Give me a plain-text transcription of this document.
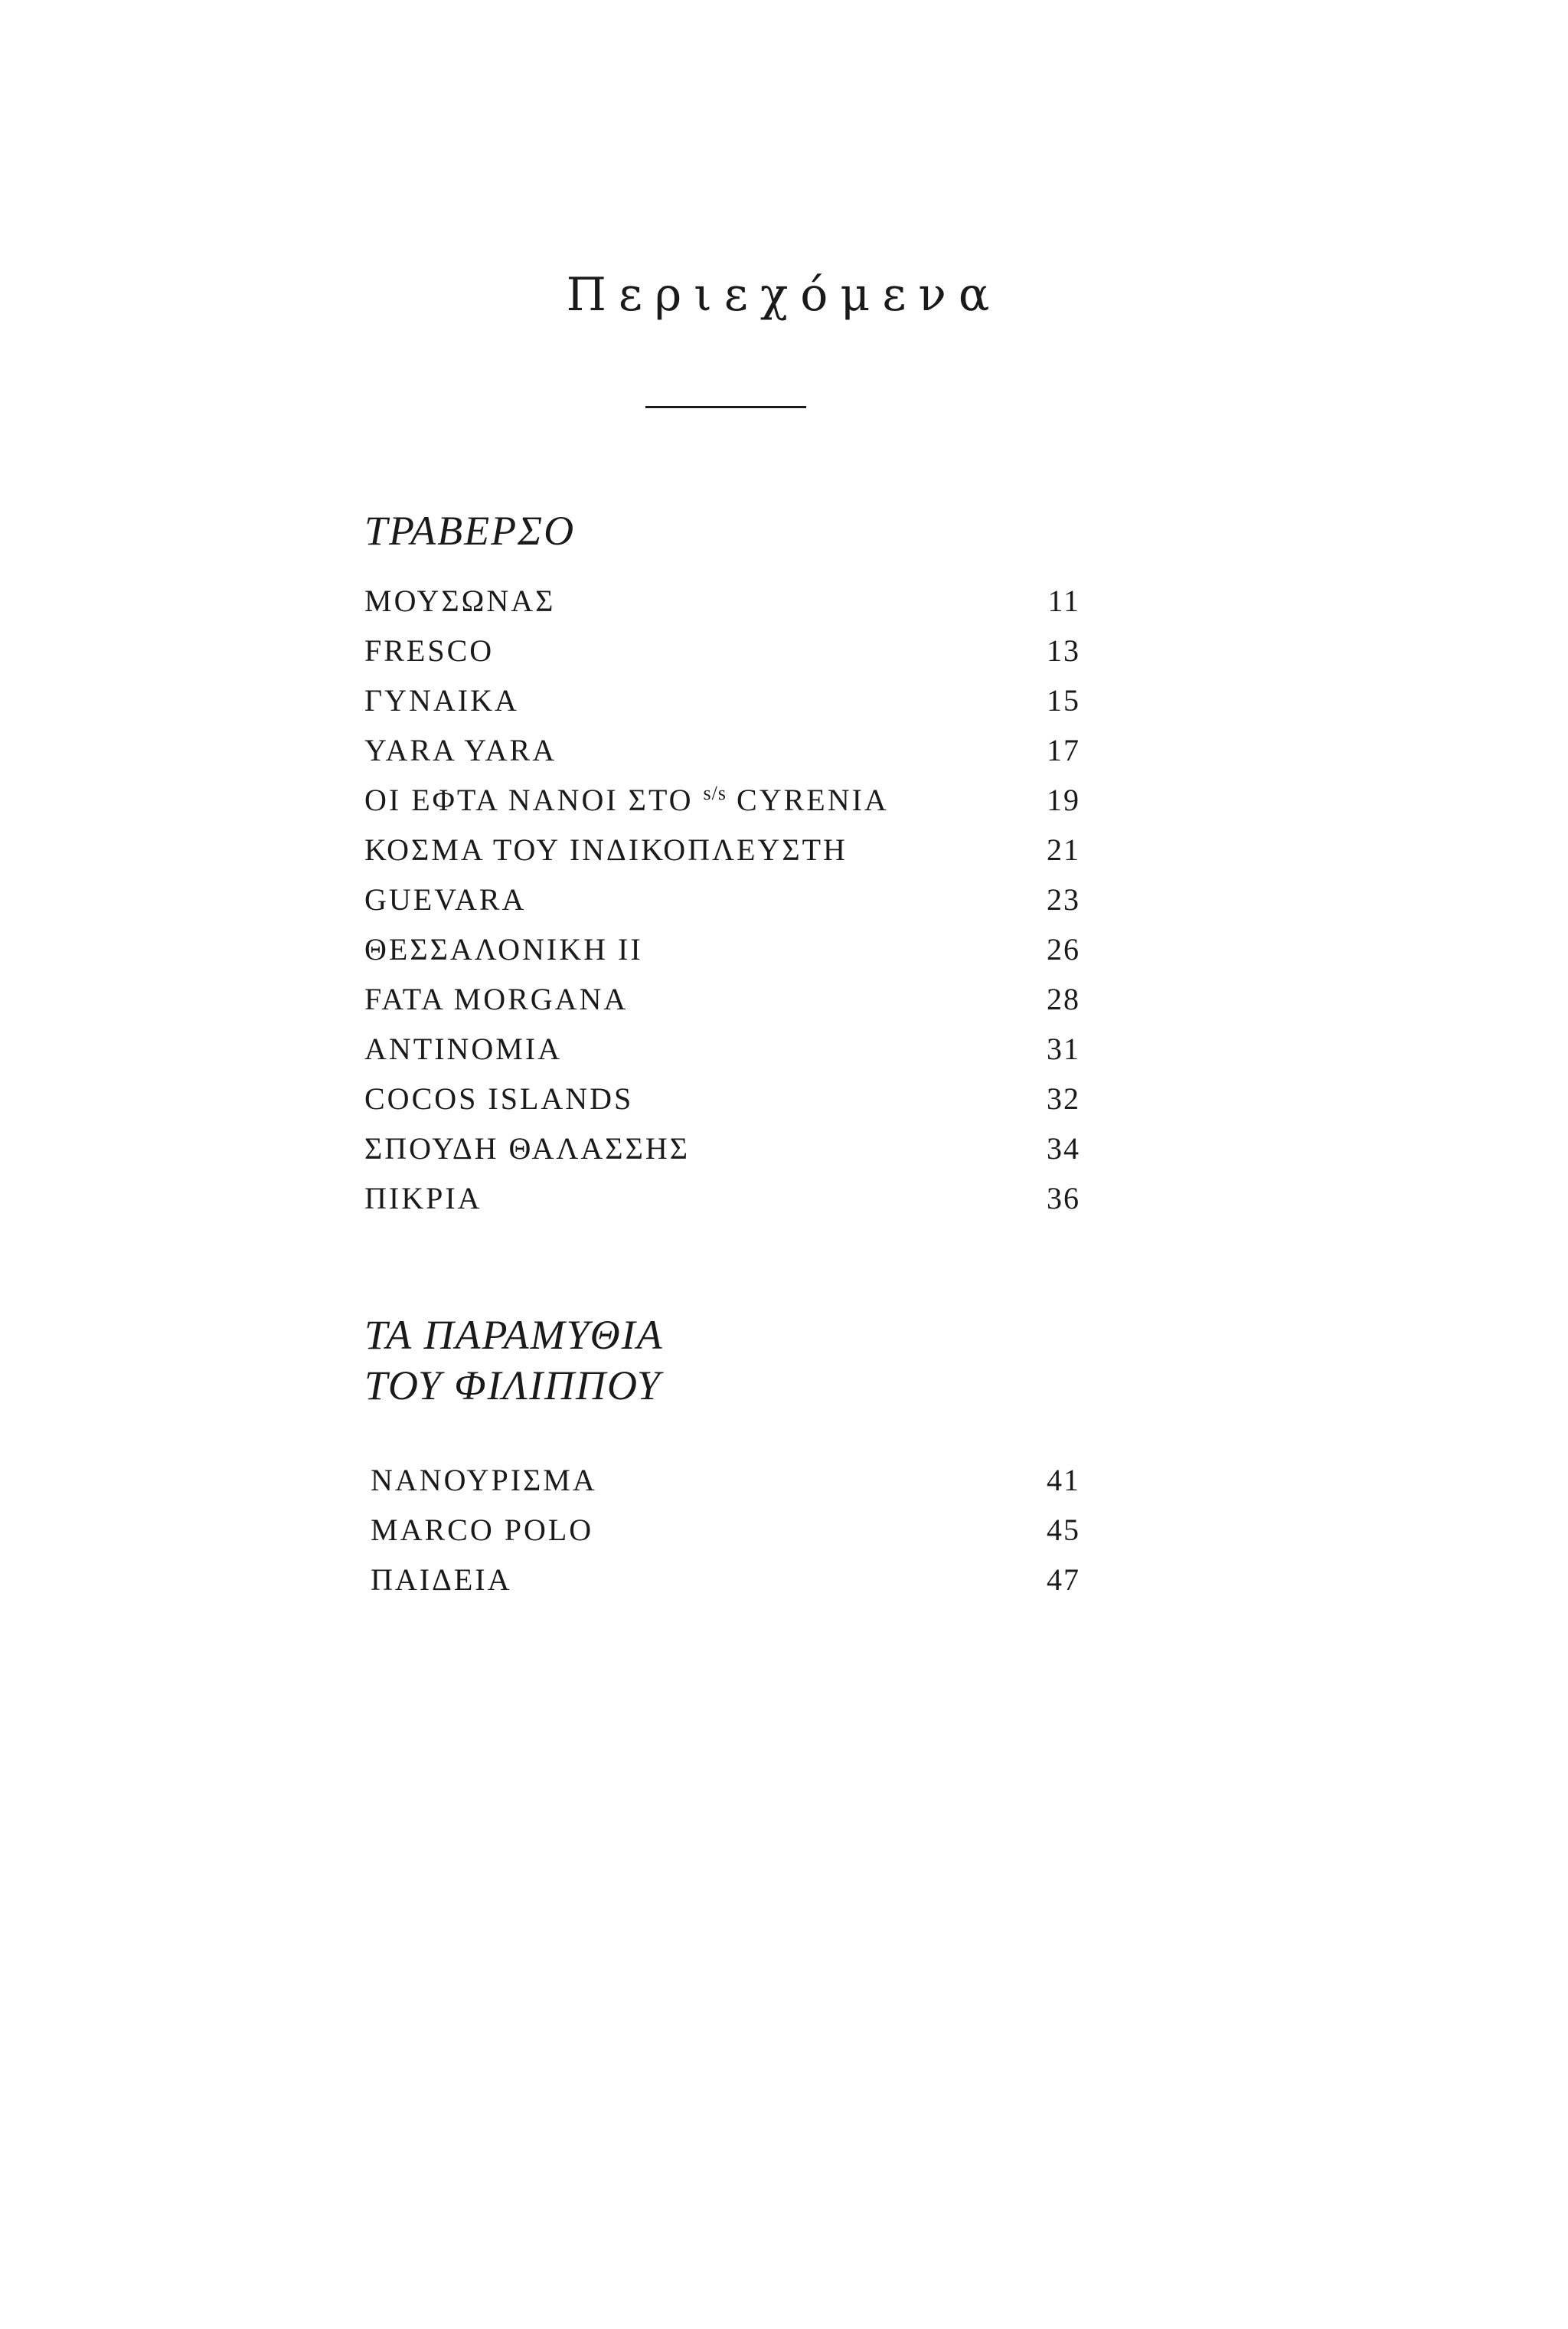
Περιεχόμενα
ΤΡΑΒΕΡΣΟ
ΜΟΥΣΩΝΑΣ	11
FRESCO	13
ΓΥΝΑΙΚΑ	15
YARA YARA	17
ΟΙ ΕΦΤΑ ΝΑΝΟΙ ΣΤΟ $^{s/s}$ CYRENIA	19
ΚΟΣΜΑ ΤΟΥ ΙΝΔΙΚΟΠΛΕΥΣΤΗ	21
GUEVARA	23
ΘΕΣΣΑΛΟΝΙΚΗ ΙΙ	26
FATA MORGANA	28
ΑΝΤΙΝΟΜΙΑ	31
COCOS ISLANDS	32
ΣΠΟΥΔΗ ΘΑΛΑΣΣΗΣ	34
ΠΙΚΡΙΑ	36
ΤΑ ΠΑΡΑΜΥΘΙΑ
ΤΟΥ ΦΙΛΙΠΠΟΥ
ΝΑΝΟΥΡΙΣΜΑ	41
MARCO POLO	45
ΠΑΙΔΕΙΑ	47
